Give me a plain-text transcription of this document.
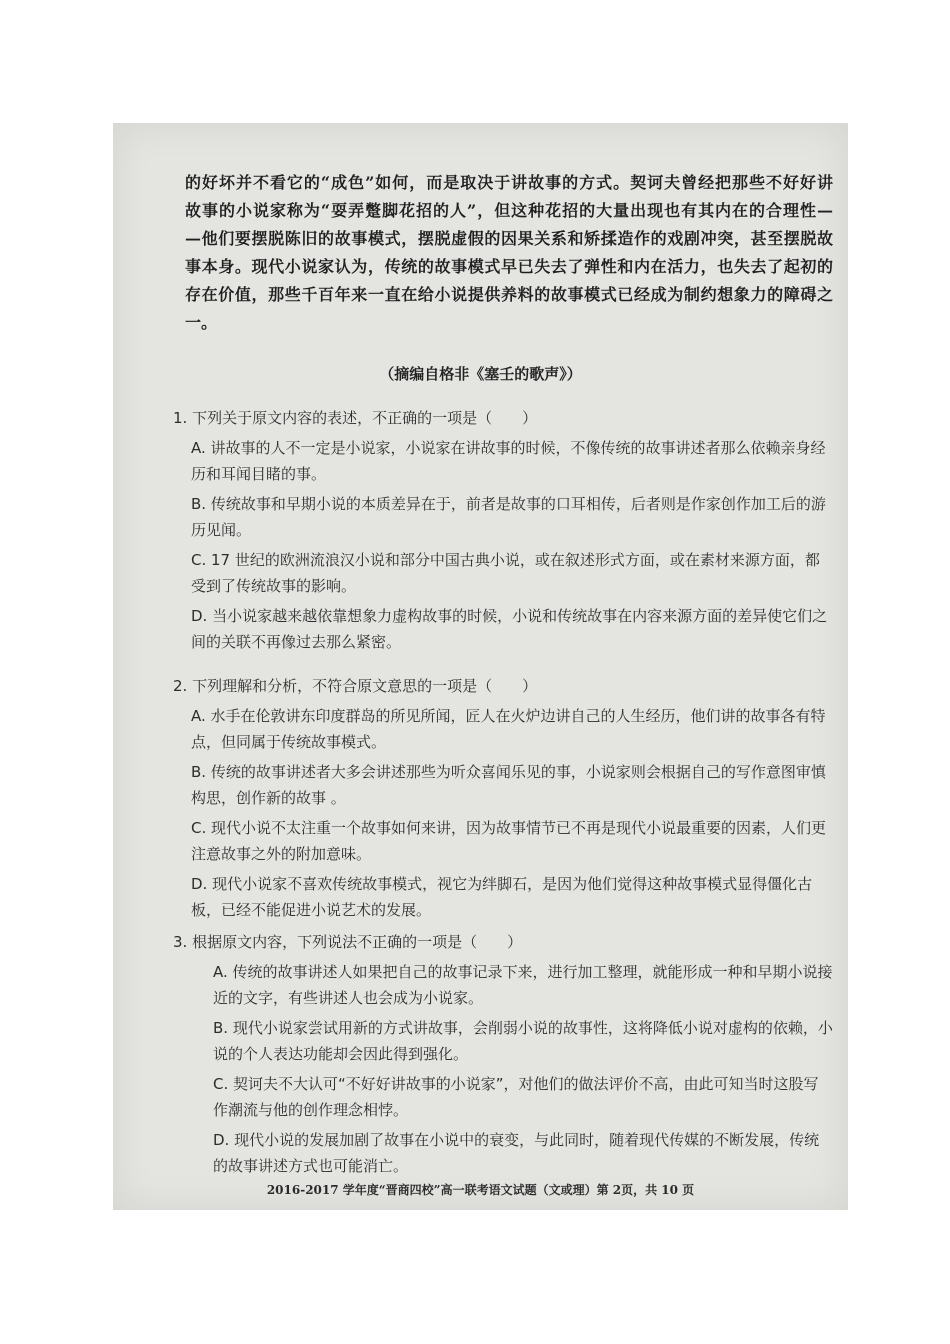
的好坏并不看它的“成色”如何，而是取决于讲故事的方式。契诃夫曾经把那些不好好讲
故事的小说家称为“耍弄蹩脚花招的人”，但这种花招的大量出现也有其内在的合理性—
—他们要摆脱陈旧的故事模式，摆脱虚假的因果关系和矫揉造作的戏剧冲突，甚至摆脱故
事本身。现代小说家认为，传统的故事模式早已失去了弹性和内在活力，也失去了起初的
存在价值，那些千百年来一直在给小说提供养料的故事模式已经成为制约想象力的障碍之
一。
（摘编自格非《塞壬的歌声》）
1. 下列关于原文内容的表述，不正确的一项是（　　）
A. 讲故事的人不一定是小说家，小说家在讲故事的时候，不像传统的故事讲述者那么依赖亲身经历和耳闻目睹的事。
B. 传统故事和早期小说的本质差异在于，前者是故事的口耳相传，后者则是作家创作加工后的游历见闻。
C. 17 世纪的欧洲流浪汉小说和部分中国古典小说，或在叙述形式方面，或在素材来源方面，都受到了传统故事的影响。
D. 当小说家越来越依靠想象力虚构故事的时候，小说和传统故事在内容来源方面的差异使它们之间的关联不再像过去那么紧密。
2. 下列理解和分析，不符合原文意思的一项是（　　）
A. 水手在伦敦讲东印度群岛的所见所闻，匠人在火炉边讲自己的人生经历，他们讲的故事各有特点，但同属于传统故事模式。
B. 传统的故事讲述者大多会讲述那些为听众喜闻乐见的事，小说家则会根据自己的写作意图审慎构思，创作新的故事 。
C. 现代小说不太注重一个故事如何来讲，因为故事情节已不再是现代小说最重要的因素，人们更注意故事之外的附加意味。
D. 现代小说家不喜欢传统故事模式，视它为绊脚石，是因为他们觉得这种故事模式显得僵化古板，已经不能促进小说艺术的发展。
3. 根据原文内容，下列说法不正确的一项是（　　）
A. 传统的故事讲述人如果把自己的故事记录下来，进行加工整理，就能形成一种和早期小说接近的文字，有些讲述人也会成为小说家。
B. 现代小说家尝试用新的方式讲故事，会削弱小说的故事性，这将降低小说对虚构的依赖，小说的个人表达功能却会因此得到强化。
C. 契诃夫不大认可“不好好讲故事的小说家”，对他们的做法评价不高，由此可知当时这股写作潮流与他的创作理念相悖。
D. 现代小说的发展加剧了故事在小说中的衰变，与此同时，随着现代传媒的不断发展，传统的故事讲述方式也可能消亡。
2016-2017 学年度“晋商四校”高一联考语文试题（文或理）第 2页，共 10 页
